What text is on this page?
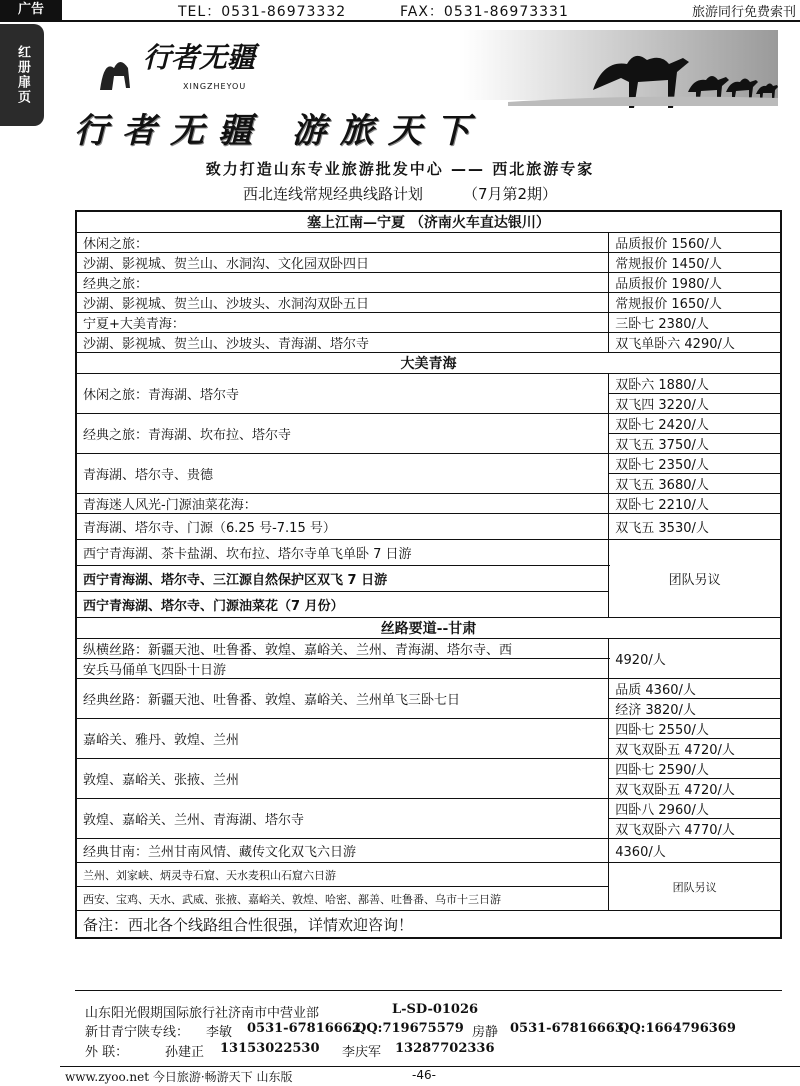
广告	TEL：0531-86973332	FAX：0531-86973331	旅游同行免费索刊
红册扉页	行者无疆
XINGZHEYOU
行者无疆 游旅天下
致力打造山东专业旅游批发中心 —— 西北旅游专家
西北连线常规经典线路计划	（7月第2期）
塞上江南—宁夏 （济南火车直达银川）	
休闲之旅：	品质报价 1560/人
沙湖、影视城、贺兰山、水洞沟、文化园双卧四日	常规报价 1450/人
经典之旅：	品质报价 1980/人
沙湖、影视城、贺兰山、沙坡头、水洞沟双卧五日	常规报价 1650/人
宁夏+大美青海：	三卧七 2380/人
沙湖、影视城、贺兰山、沙坡头、青海湖、塔尔寺	双飞单卧六 4290/人
大美青海	
休闲之旅：青海湖、塔尔寺	双卧六 1880/人
	双飞四 3220/人
经典之旅：青海湖、坎布拉、塔尔寺	双卧七 2420/人
	双飞五 3750/人
青海湖、塔尔寺、贵德	双卧七 2350/人
	双飞五 3680/人
青海迷人风光-门源油菜花海：	双卧七 2210/人
青海湖、塔尔寺、门源（6.25 号-7.15 号）	双飞五 3530/人
西宁青海湖、茶卡盐湖、坎布拉、塔尔寺单飞单卧 7 日游	团队另议
西宁青海湖、塔尔寺、三江源自然保护区双飞 7 日游	
西宁青海湖、塔尔寺、门源油菜花（7 月份）	
丝路要道--甘肃	
纵横丝路：新疆天池、吐鲁番、敦煌、嘉峪关、兰州、青海湖、塔尔寺、西	4920/人
安兵马俑单飞四卧十日游	
经典丝路：新疆天池、吐鲁番、敦煌、嘉峪关、兰州单飞三卧七日	品质 4360/人
	经济 3820/人
嘉峪关、雅丹、敦煌、兰州	四卧七 2550/人
	双飞双卧五 4720/人
敦煌、嘉峪关、张掖、兰州	四卧七 2590/人
	双飞双卧五 4720/人
敦煌、嘉峪关、兰州、青海湖、塔尔寺	四卧八 2960/人
	双飞双卧六 4770/人
经典甘南：兰州甘南风情、藏传文化双飞六日游	4360/人
兰州、刘家峡、炳灵寺石窟、天水麦积山石窟六日游	团队另议
西安、宝鸡、天水、武威、张掖、嘉峪关、敦煌、哈密、鄯善、吐鲁番、乌市十三日游	
备注：西北各个线路组合性很强，详情欢迎咨询！	
山东阳光假期国际旅行社济南市中营业部	L-SD-01026
新甘青宁陕专线： 李敏 0531-67816662
QQ:719675579 房静 0531-67816663
QQ:1664796369
外 联：	孙建正 13153022530 李庆军 13287702336
www.zyoo.net 今日旅游·畅游天下 山东版	-46-
